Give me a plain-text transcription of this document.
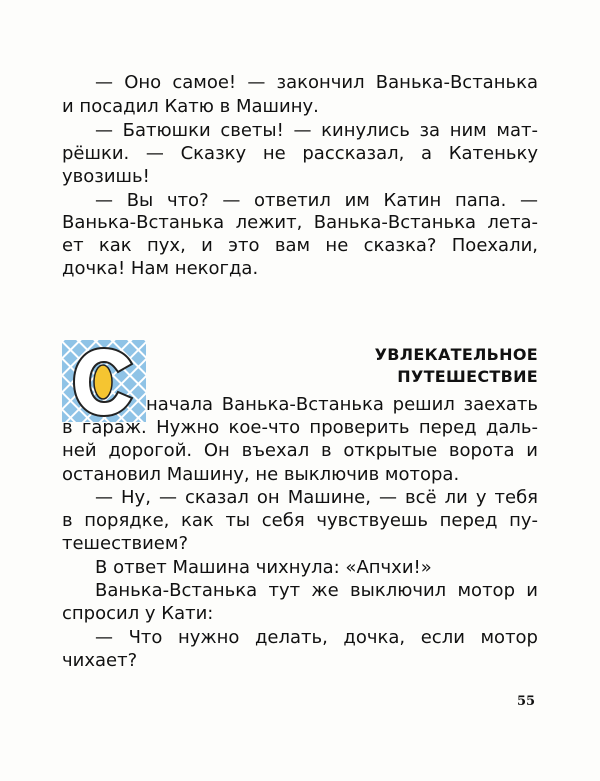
— Оно самое! — закончил Ванька-Встанька
и посадил Катю в Машину.
— Батюшки светы! — кинулись за ним мат-
рёшки. — Сказку не рассказал, а Катеньку
увозишь!
— Вы что? — ответил им Катин папа. —
Ванька-Встанька лежит, Ванька-Встанька лета-
ет как пух, и это вам не сказка? Поехали,
дочка! Нам некогда.
УВЛЕКАТЕЛЬНОЕ
ПУТЕШЕСТВИЕ
начала Ванька-Встанька решил заехать
в гараж. Нужно кое-что проверить перед даль-
ней дорогой. Он въехал в открытые ворота и
остановил Машину, не выключив мотора.
— Ну, — сказал он Машине, — всё ли у тебя
в порядке, как ты себя чувствуешь перед пу-
тешествием?
В ответ Машина чихнула: «Апчхи!»
Ванька-Встанька тут же выключил мотор и
спросил у Кати:
— Что нужно делать, дочка, если мотор
чихает?
55
